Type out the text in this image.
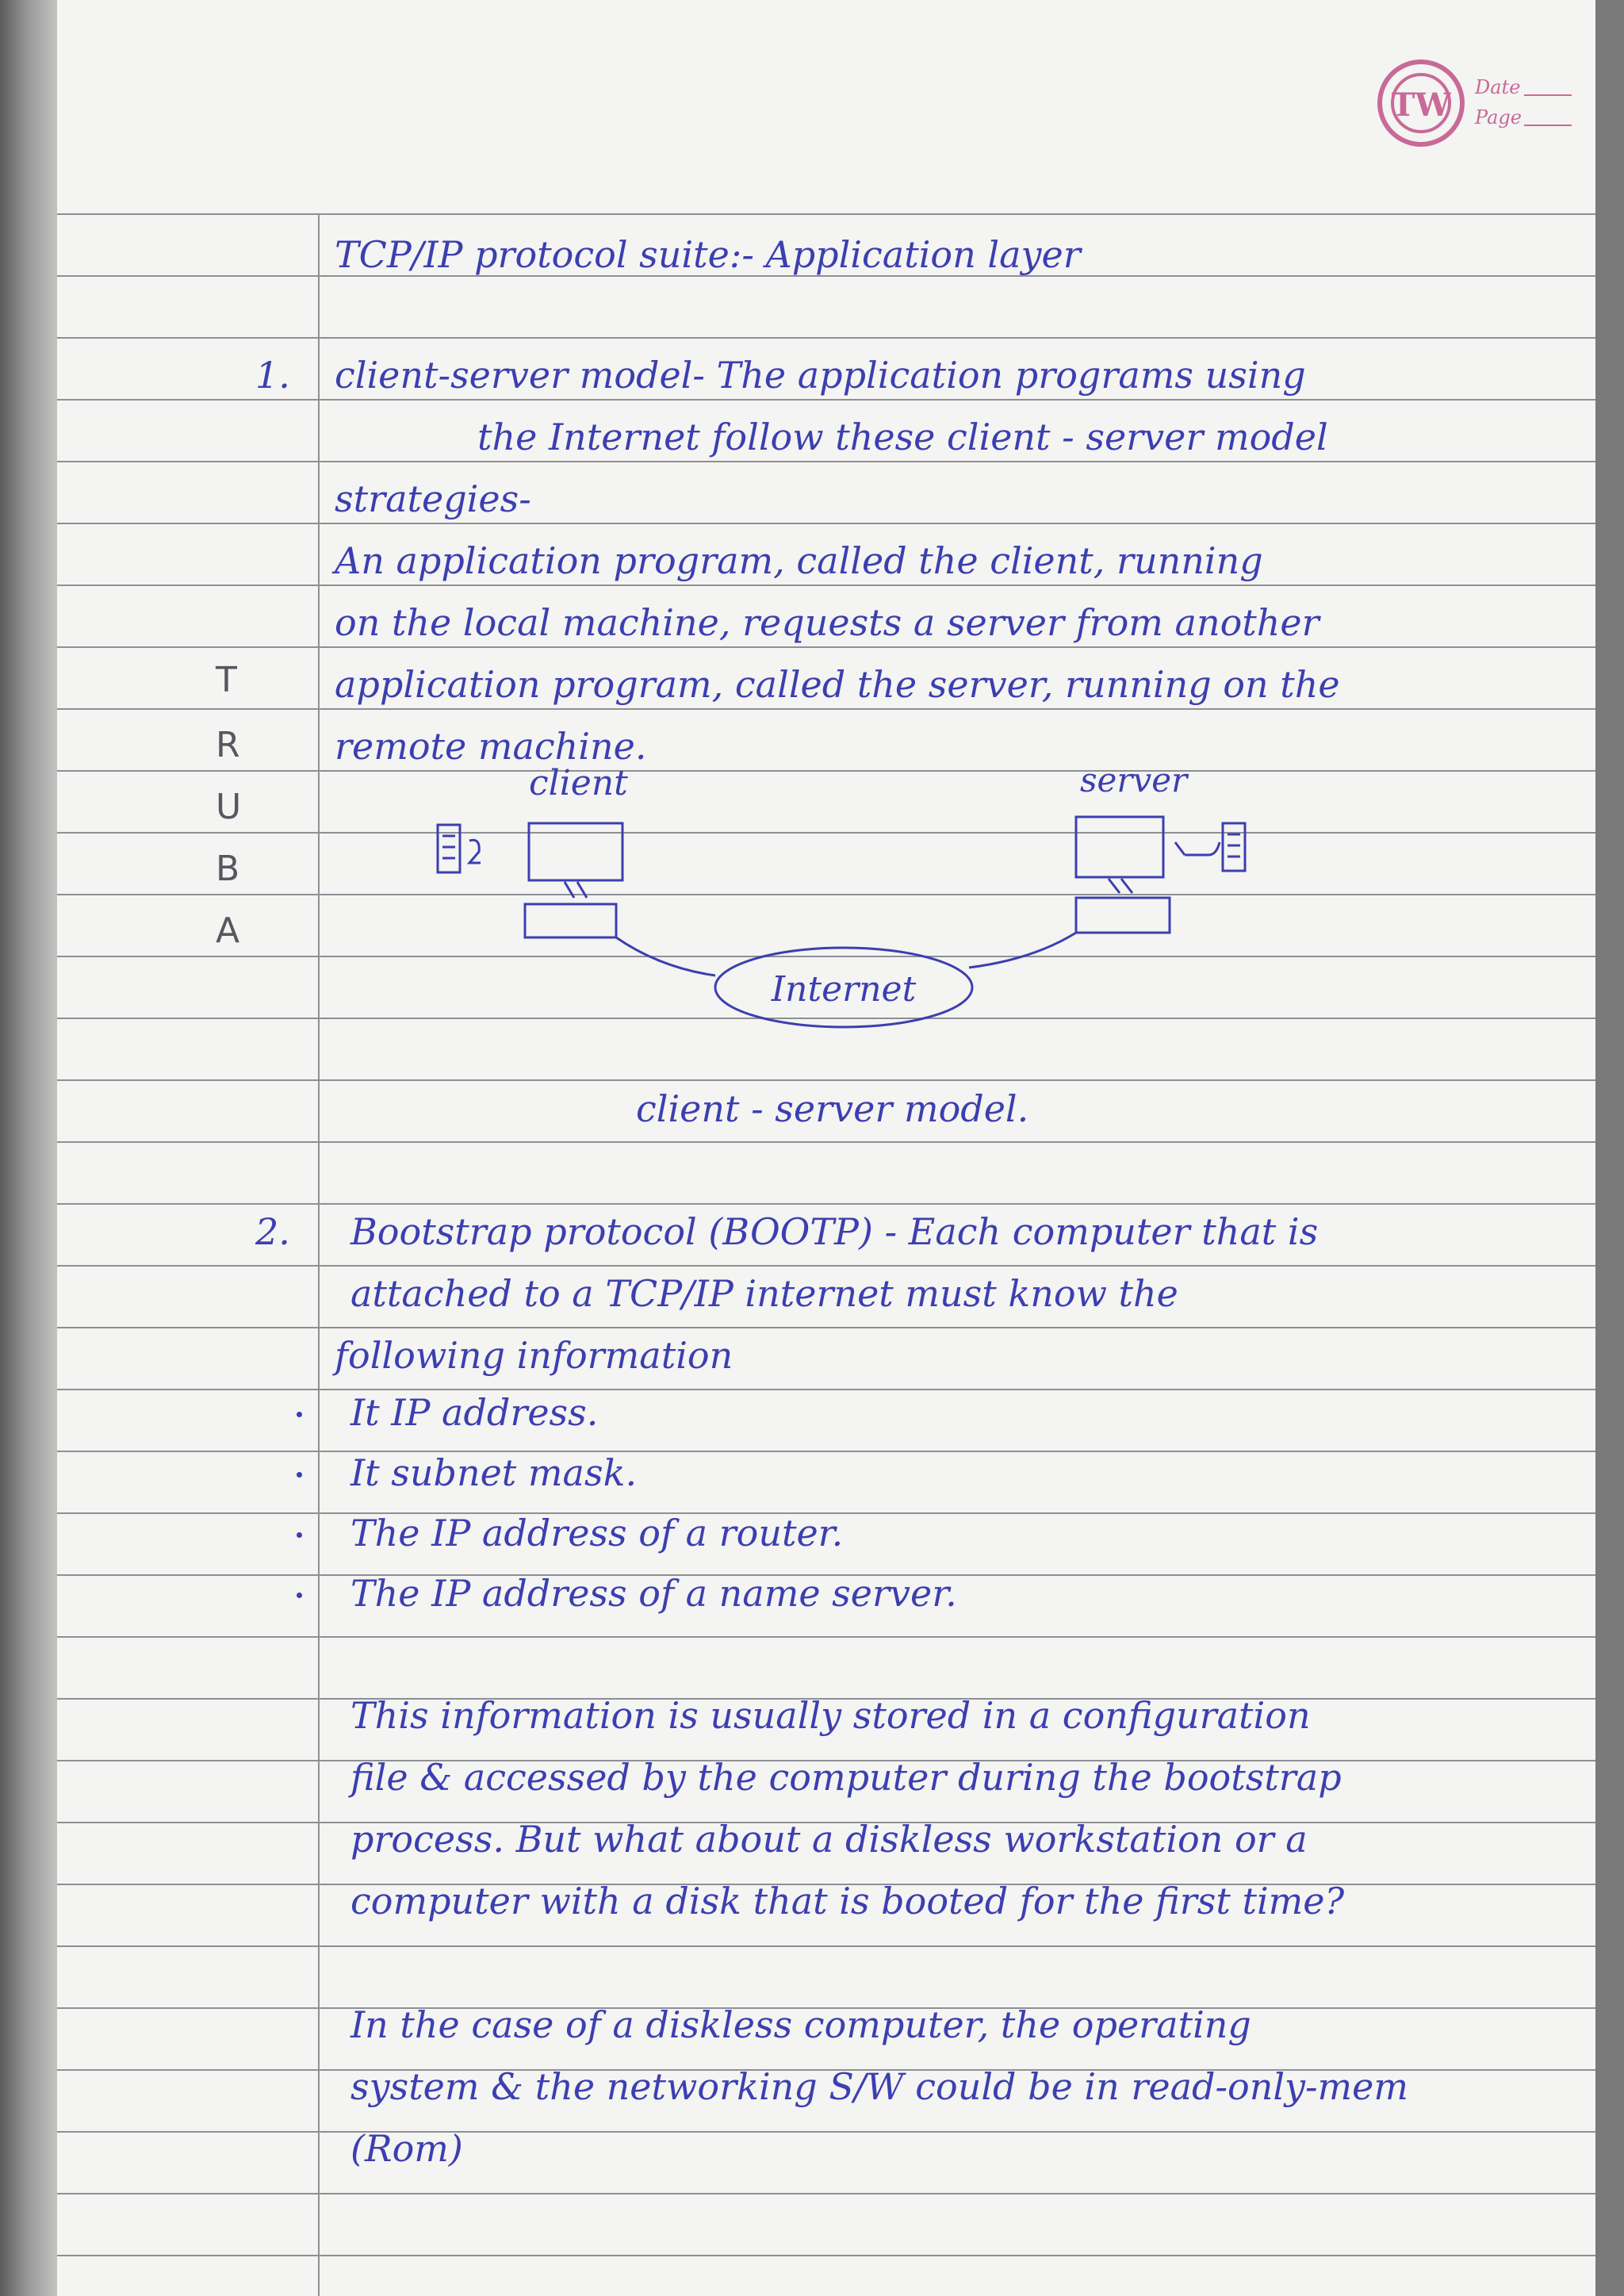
TW Date
Page
T
R
U
B
A

TCP/IP protocol suite:- Application layer

1. client-server model- The application programs using

the Internet follow these client - server model

strategies-

An application program, called the client, running

on the local machine, requests a server from another

application program, called the server, running on the

remote machine.

client	server
Internet

client - server model.

2. Bootstrap protocol (BOOTP) - Each computer that is

attached to a TCP/IP internet must know the

following information

It IP address.

It subnet mask.

The IP address of a router.

The IP address of a name server.

This information is usually stored in a configuration

file & accessed by the computer during the bootstrap

process. But what about a diskless workstation or a

computer with a disk that is booted for the first time?

In the case of a diskless computer, the operating

system & the networking S/W could be in read-only-mem

(Rom)
